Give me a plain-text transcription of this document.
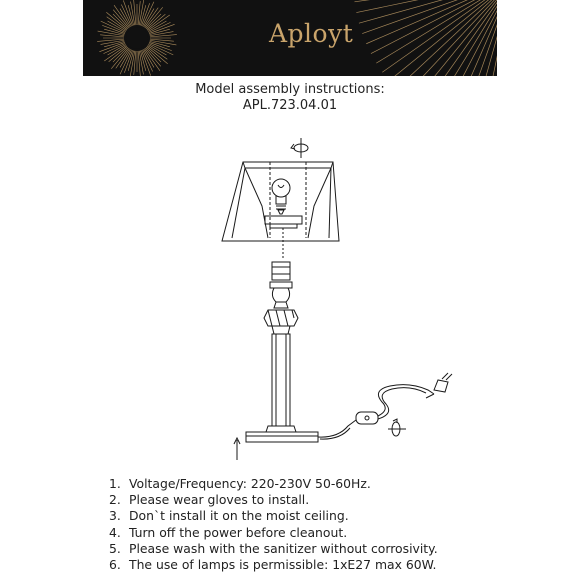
Aployt
Model assembly instructions:
APL.723.04.01
1. Voltage/Frequency: 220-230V 50-60Hz.
2. Please wear gloves to install.
3. Don`t install it on the moist ceiling.
4. Turn off the power before cleanout.
5. Please wash with the sanitizer without corrosivity.
6. The use of lamps is permissible: 1xE27 max 60W.
